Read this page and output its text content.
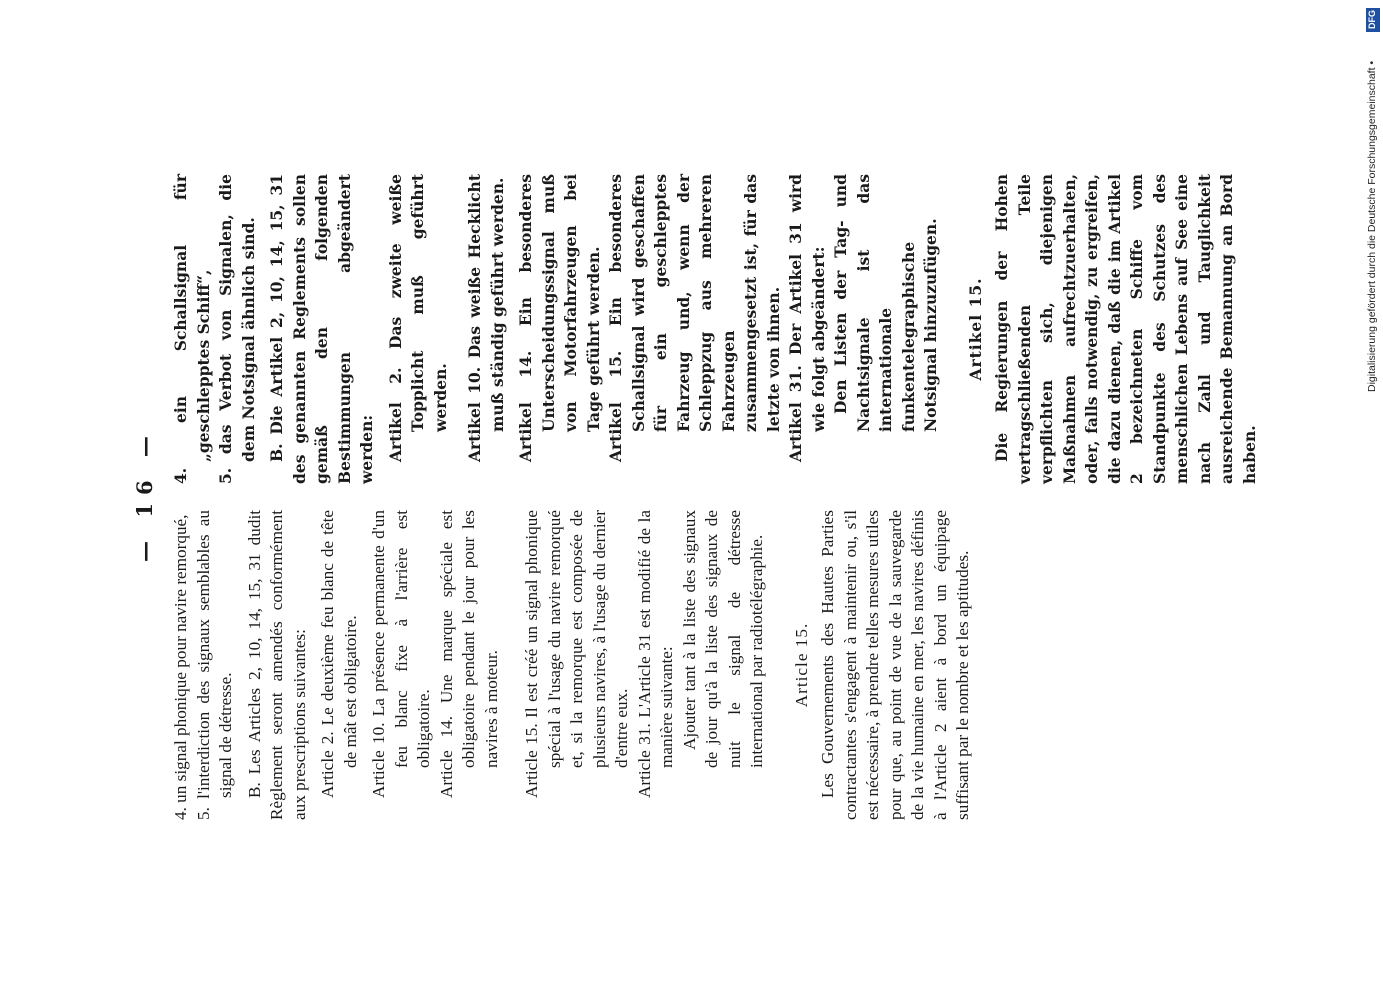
— 16 —

4. un signal phonique pour navire remorqué,

5. l'interdiction des signaux semblables au signal de détresse. B. Les Articles 2, 10, 14, 15, 31 dudit Règlement seront amendés conformément aux prescriptions suivantes: Article 2. Le deuxième feu blanc de tête de mât est obligatoire. Article 10. La présence permanente d'un feu blanc fixe à l'arrière est obligatoire. Article 14. Une marque spéciale est obligatoire pendant le jour pour les navires à moteur. Article 15. Il est créé un signal phonique spécial à l'usage du navire remorqué et, si la remorque est composée de plusieurs navires, à l'usage du dernier d'entre eux. Article 31. L'Article 31 est modifié de la manière suivante: Ajouter tant à la liste des signaux de jour qu'à la liste des signaux de nuit le signal de détresse international par radiotélégraphie. Article 15. Les Gouvernements des Hautes Parties contractantes s'engagent à maintenir ou, s'il est nécessaire, à prendre telles mesures utiles pour que, au point de vue de la sauvegarde de la vie humaine en mer, les navires définis à l'Article 2 aient à bord un équipage suffisant par le nombre et les aptitudes.

4. ein Schallsignal für „geschlepptes Schiff“,

5. das Verbot von Signalen, die dem Notsignal ähnlich sind. B. Die Artikel 2, 10, 14, 15, 31 des genannten Reglements sollen gemäß den folgenden Bestimmungen abgeändert werden: Artikel 2. Das zweite weiße Topplicht muß geführt werden. Artikel 10. Das weiße Hecklicht muß ständig geführt werden. Artikel 14. Ein besonderes Unterscheidungssignal muß von Motorfahrzeugen bei Tage geführt werden. Artikel 15. Ein besonderes Schallsignal wird geschaffen für ein geschlepptes Fahrzeug und, wenn der Schleppzug aus mehreren Fahrzeugen zusammengesetzt ist, für das letzte von ihnen. Artikel 31. Der Artikel 31 wird wie folgt abgeändert: Den Listen der Tag- und Nachtsignale ist das internationale funkentelegraphische Notsignal hinzuzufügen. Artikel 15. Die Regierungen der Hohen vertragschließenden Teile verpflichten sich, diejenigen Maßnahmen aufrechtzuerhalten, oder, falls notwendig, zu ergreifen, die dazu dienen, daß die im Artikel 2 bezeichneten Schiffe vom Standpunkte des Schutzes des menschlichen Lebens auf See eine nach Zahl und Tauglichkeit ausreichende Bemannung an Bord haben.

DFG
Digitalisierung gefördert durch die Deutsche Forschungsgemeinschaft •
